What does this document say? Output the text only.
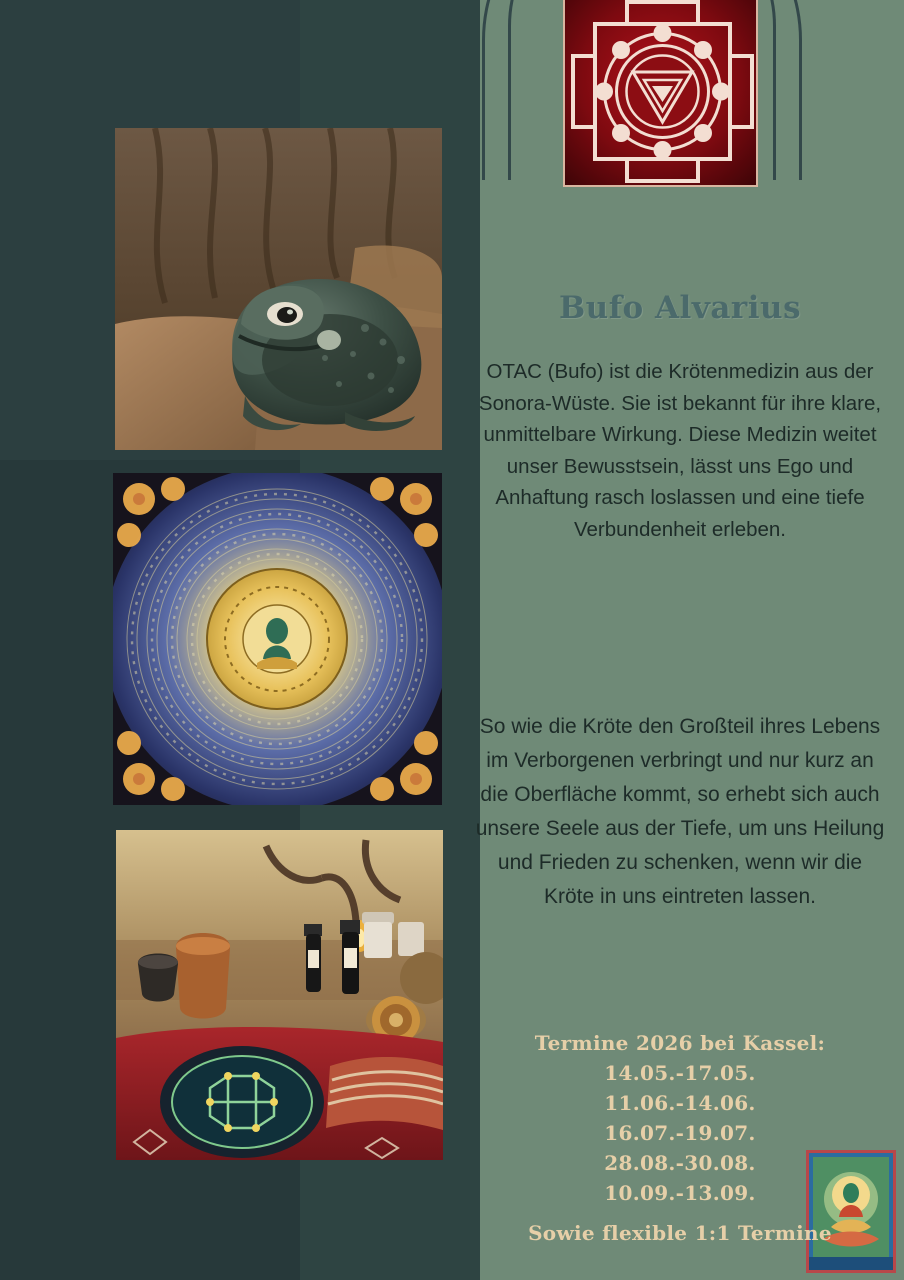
Bufo Alvarius
OTAC (Bufo) ist die Krötenmedizin aus der Sonora-Wüste. Sie ist bekannt für ihre klare, unmittelbare Wirkung. Diese Medizin weitet unser Bewusstsein, lässt uns Ego und Anhaftung rasch loslassen und eine tiefe Verbundenheit erleben.
So wie die Kröte den Großteil ihres Lebens im Verborgenen verbringt und nur kurz an die Oberfläche kommt, so erhebt sich auch unsere Seele aus der Tiefe, um uns Heilung und Frieden zu schenken, wenn wir die Kröte in uns eintreten lassen.
Termine 2026 bei Kassel:
14.05.-17.05.
11.06.-14.06.
16.07.-19.07.
28.08.-30.08.
10.09.-13.09.
Sowie flexible 1:1 Termine
